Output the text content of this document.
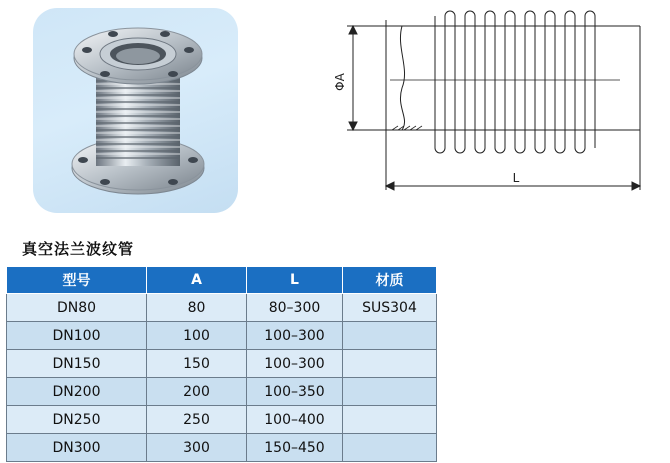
ΦA
L
真空法兰波纹管
型号	A	L	材质
DN80	80	80–300	SUS304
DN100	100	100–300	
DN150	150	100–300	
DN200	200	100–350	
DN250	250	100–400	
DN300	300	150–450	
